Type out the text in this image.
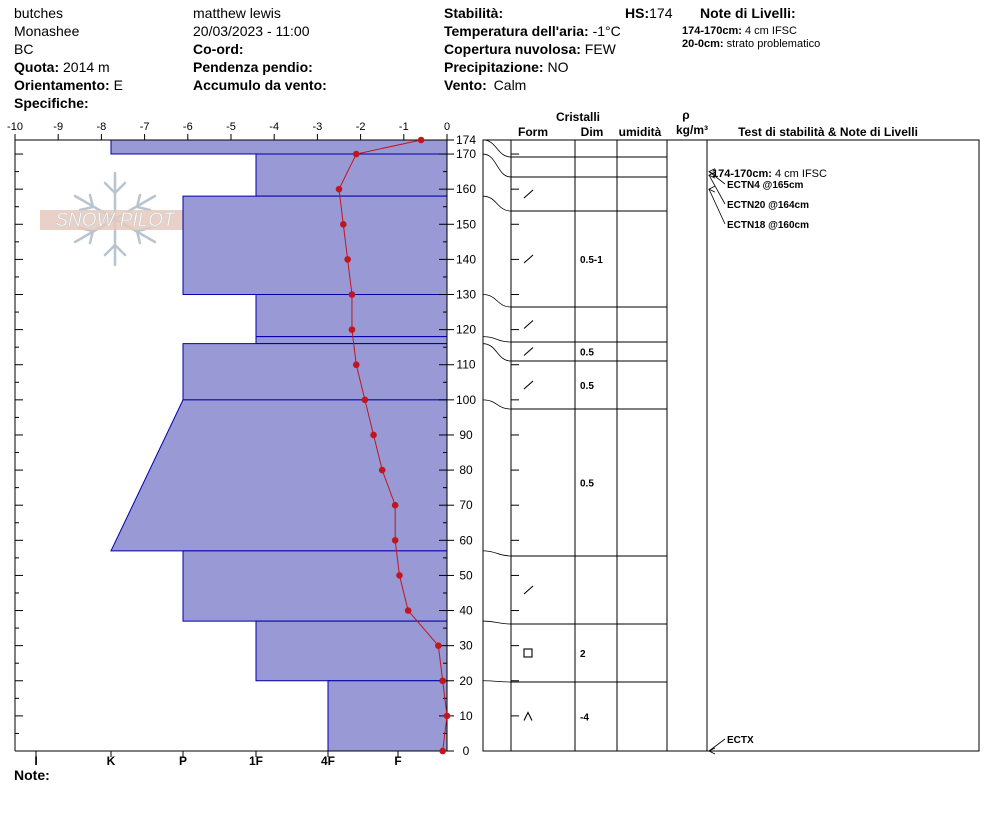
butches
Monashee
BC
Quota: 2014 m
Orientamento: E
Specifiche:
matthew lewis
20/03/2023 - 11:00
Co-ord:
Pendenza pendio:
Accumulo da vento:
Stabilità:
Temperatura dell'aria: -1°C
Copertura nuvolosa: FEW
Precipitazione: NO
Vento: Calm
HS:174 Note di Livelli:
174-170cm: 4 cm IFSC
20-0cm: strato problematico
Note:
SNOW PILOT
-10	-9	-8	-7	-6	-5	-4	-3	-2	-1	0
I	K	P	1F	4F	F
174
170
160
150
140
130
120
110
100
90
80
70
60
50
40
30
20
10
0
Cristalli
Form	Dim umidità
ρ
kg/m³	Test di stabilità & Note di Livelli
0.5-1
0.5
0.5
0.5
2
-4
174-170cm: 4 cm IFSC
ECTN4 @165cm
ECTN20 @164cm
ECTN18 @160cm
ECTX
